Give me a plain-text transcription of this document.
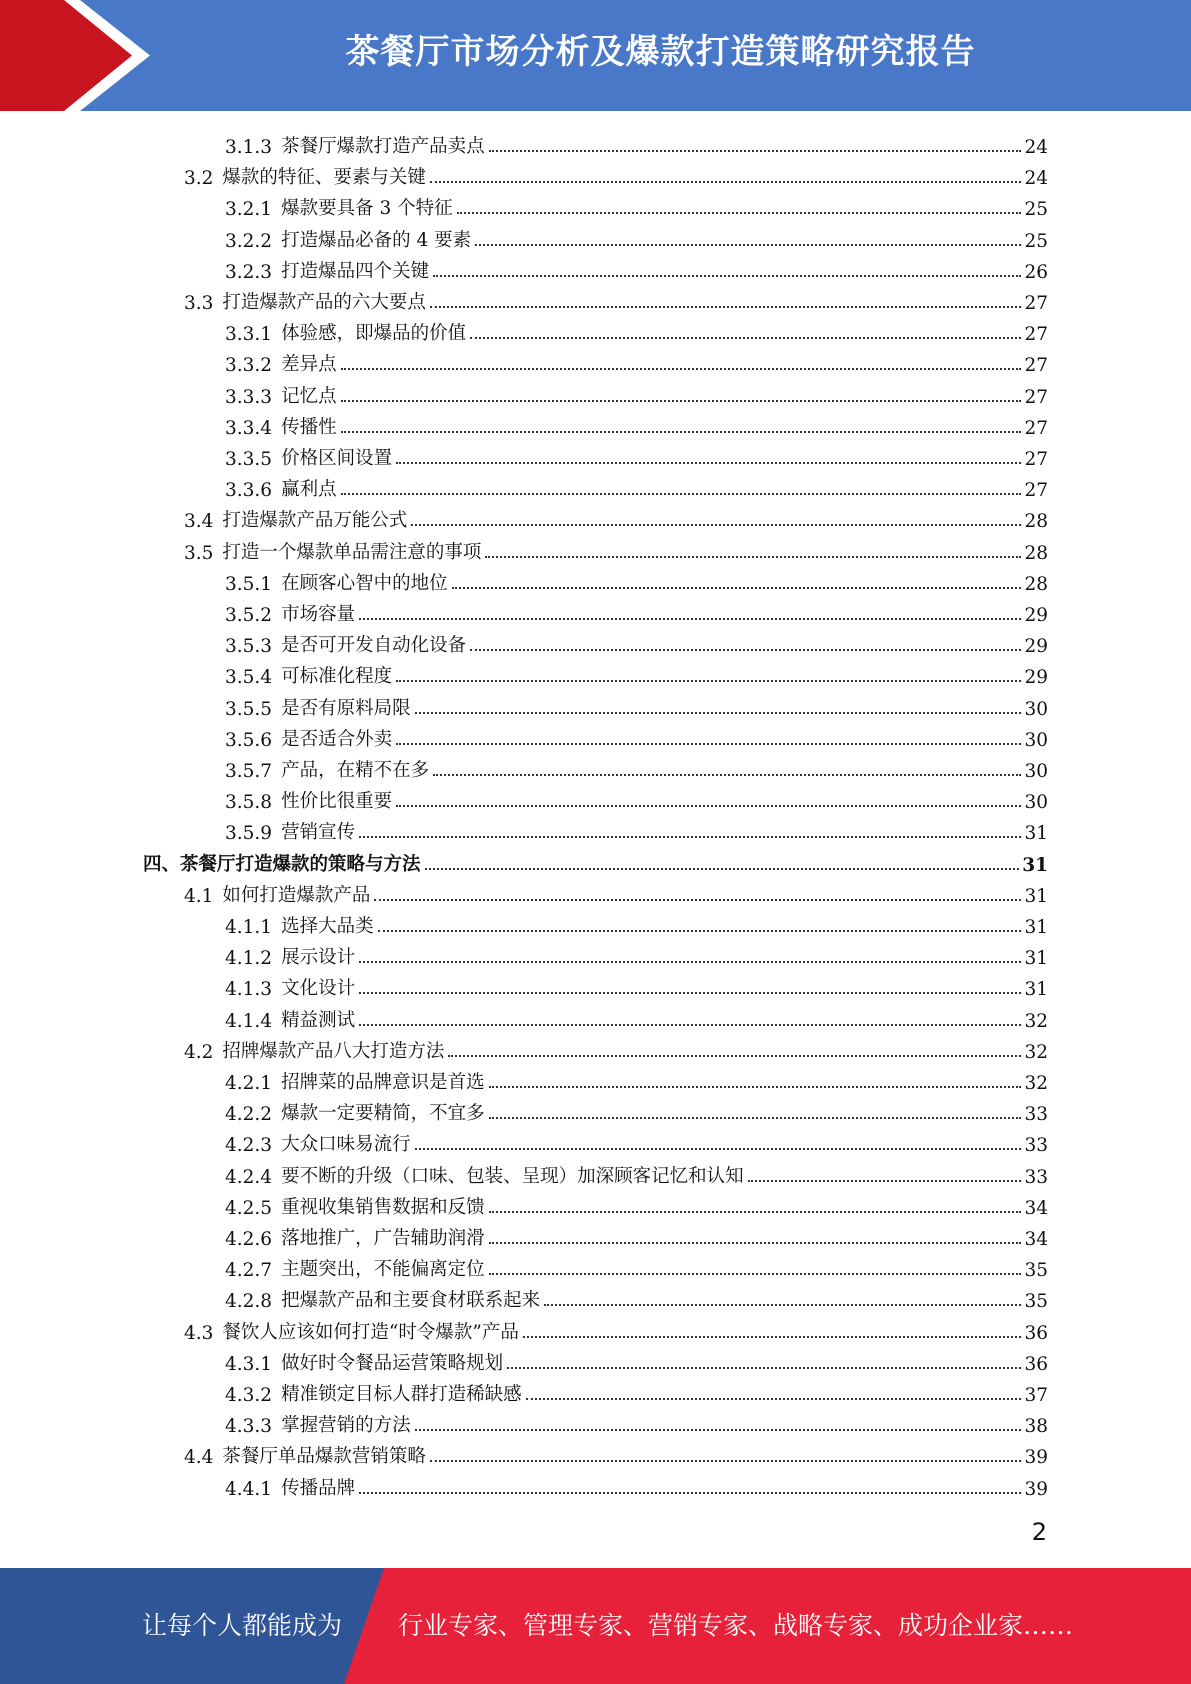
茶餐厅市场分析及爆款打造策略研究报告
3.1.3 茶餐厅爆款打造产品卖点	24
3.2 爆款的特征、要素与关键	24
3.2.1 爆款要具备 3 个特征	25
3.2.2 打造爆品必备的 4 要素	25
3.2.3 打造爆品四个关键	26
3.3 打造爆款产品的六大要点	27
3.3.1 体验感，即爆品的价值	27
3.3.2 差异点	27
3.3.3 记忆点	27
3.3.4 传播性	27
3.3.5 价格区间设置	27
3.3.6 赢利点	27
3.4 打造爆款产品万能公式	28
3.5 打造一个爆款单品需注意的事项	28
3.5.1 在顾客心智中的地位	28
3.5.2 市场容量	29
3.5.3 是否可开发自动化设备	29
3.5.4 可标准化程度	29
3.5.5 是否有原料局限	30
3.5.6 是否适合外卖	30
3.5.7 产品，在精不在多	30
3.5.8 性价比很重要	30
3.5.9 营销宣传	31
四、茶餐厅打造爆款的策略与方法	31
4.1 如何打造爆款产品	31
4.1.1 选择大品类	31
4.1.2 展示设计	31
4.1.3 文化设计	31
4.1.4 精益测试	32
4.2 招牌爆款产品八大打造方法	32
4.2.1 招牌菜的品牌意识是首选	32
4.2.2 爆款一定要精简，不宜多	33
4.2.3 大众口味易流行	33
4.2.4 要不断的升级（口味、包装、呈现）加深顾客记忆和认知	33
4.2.5 重视收集销售数据和反馈	34
4.2.6 落地推广，广告辅助润滑	34
4.2.7 主题突出，不能偏离定位	35
4.2.8 把爆款产品和主要食材联系起来	35
4.3 餐饮人应该如何打造“时令爆款”产品	36
4.3.1 做好时令餐品运营策略规划	36
4.3.2 精准锁定目标人群打造稀缺感	37
4.3.3 掌握营销的方法	38
4.4 茶餐厅单品爆款营销策略	39
4.4.1 传播品牌	39
2
让每个人都能成为 行业专家、管理专家、营销专家、战略专家、成功企业家……
